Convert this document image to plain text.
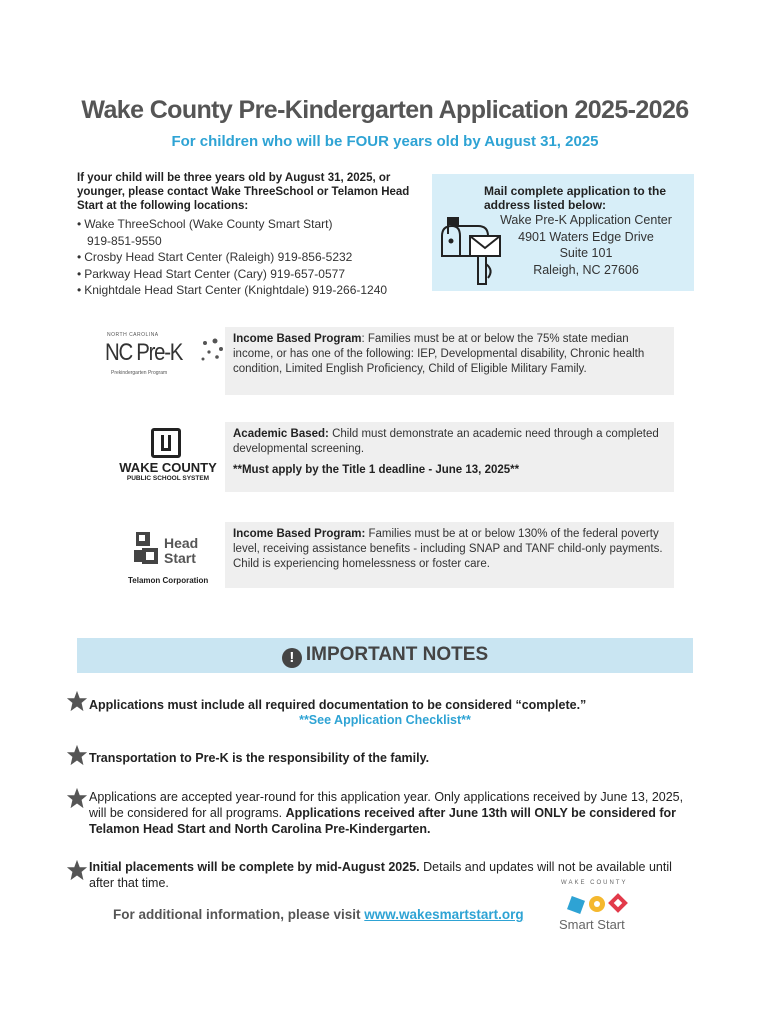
Wake County Pre-Kindergarten Application 2025-2026
For children who will be FOUR years old by August 31, 2025
If your child will be three years old by August 31, 2025, or younger, please contact Wake ThreeSchool or Telamon Head Start at the following locations:
• Wake ThreeSchool (Wake County Smart Start)
919-851-9550
• Crosby Head Start Center (Raleigh) 919-856-5232
• Parkway Head Start Center (Cary) 919-657-0577
• Knightdale Head Start Center (Knightdale) 919-266-1240
Mail complete application to the address listed below:
Wake Pre-K Application Center
4901 Waters Edge Drive
Suite 101
Raleigh, NC 27606
NORTH CAROLINA
NC Pre-K
Prekindergarten Program
WAKE COUNTY
PUBLIC SCHOOL SYSTEM
Head
Start
Telamon Corporation
Income Based Program: Families must be at or below the 75% state median income, or has one of the following: IEP, Developmental disability, Chronic health condition, Limited English Proficiency, Child of Eligible Military Family.
Academic Based: Child must demonstrate an academic need through a completed developmental screening.
**Must apply by the Title 1 deadline - June 13, 2025**
Income Based Program: Families must be at or below 130% of the federal poverty level, receiving assistance benefits - including SNAP and TANF child-only payments. Child is experiencing homelessness or foster care.
! IMPORTANT NOTES
Applications must include all required documentation to be considered “complete.”
**See Application Checklist**
Transportation to Pre-K is the responsibility of the family.
Applications are accepted year-round for this application year. Only applications received by June 13, 2025, will be considered for all programs. Applications received after June 13th will ONLY be considered for Telamon Head Start and North Carolina Pre-Kindergarten.
Initial placements will be complete by mid-August 2025. Details and updates will not be available until after that time.
For additional information, please visit www.wakesmartstart.org
WAKE COUNTY
Smart Start
